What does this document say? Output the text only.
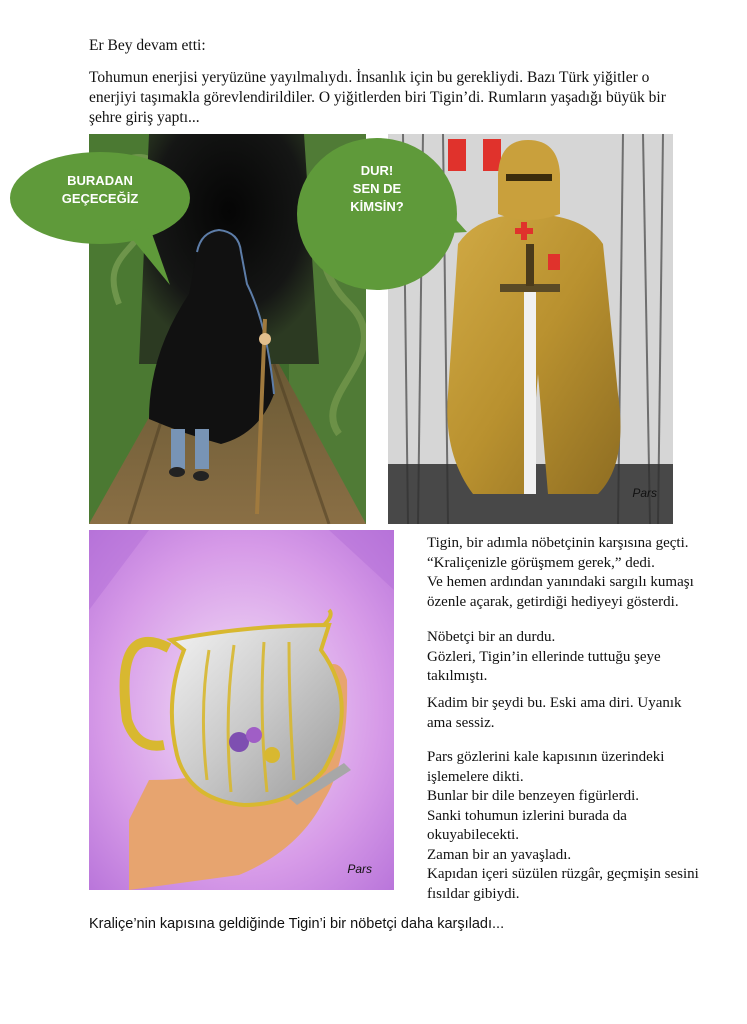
Er Bey devam etti:
Tohumun enerjisi yeryüzüne yayılmalıydı. İnsanlık için bu gerekliydi. Bazı Türk yiğitler o
enerjiyi taşımakla görevlendirildiler. O yiğitlerden biri Tigin’di. Rumların yaşadığı büyük bir
şehre giriş yaptı...
Pars
BURADAN
GEÇECEĞİZ
DUR!
SEN DE
KİMSİN?
Pars
Tigin, bir adımla nöbetçinin karşısına geçti.
“Kraliçenizle görüşmem gerek,” dedi.
Ve hemen ardından yanındaki sargılı kumaşı
özenle açarak, getirdiği hediyeyi gösterdi.
Nöbetçi bir an durdu.
Gözleri, Tigin’in ellerinde tuttuğu şeye
takılmıştı.
Kadim bir şeydi bu. Eski ama diri. Uyanık
ama sessiz.
Pars gözlerini kale kapısının üzerindeki
işlemelere dikti.
Bunlar bir dile benzeyen figürlerdi.
Sanki tohumun izlerini burada da
okuyabilecekti.
Zaman bir an yavaşladı.
Kapıdan içeri süzülen rüzgâr, geçmişin sesini
fısıldar gibiydi.
Kraliçe’nin kapısına geldiğinde Tigin’i bir nöbetçi daha karşıladı...
